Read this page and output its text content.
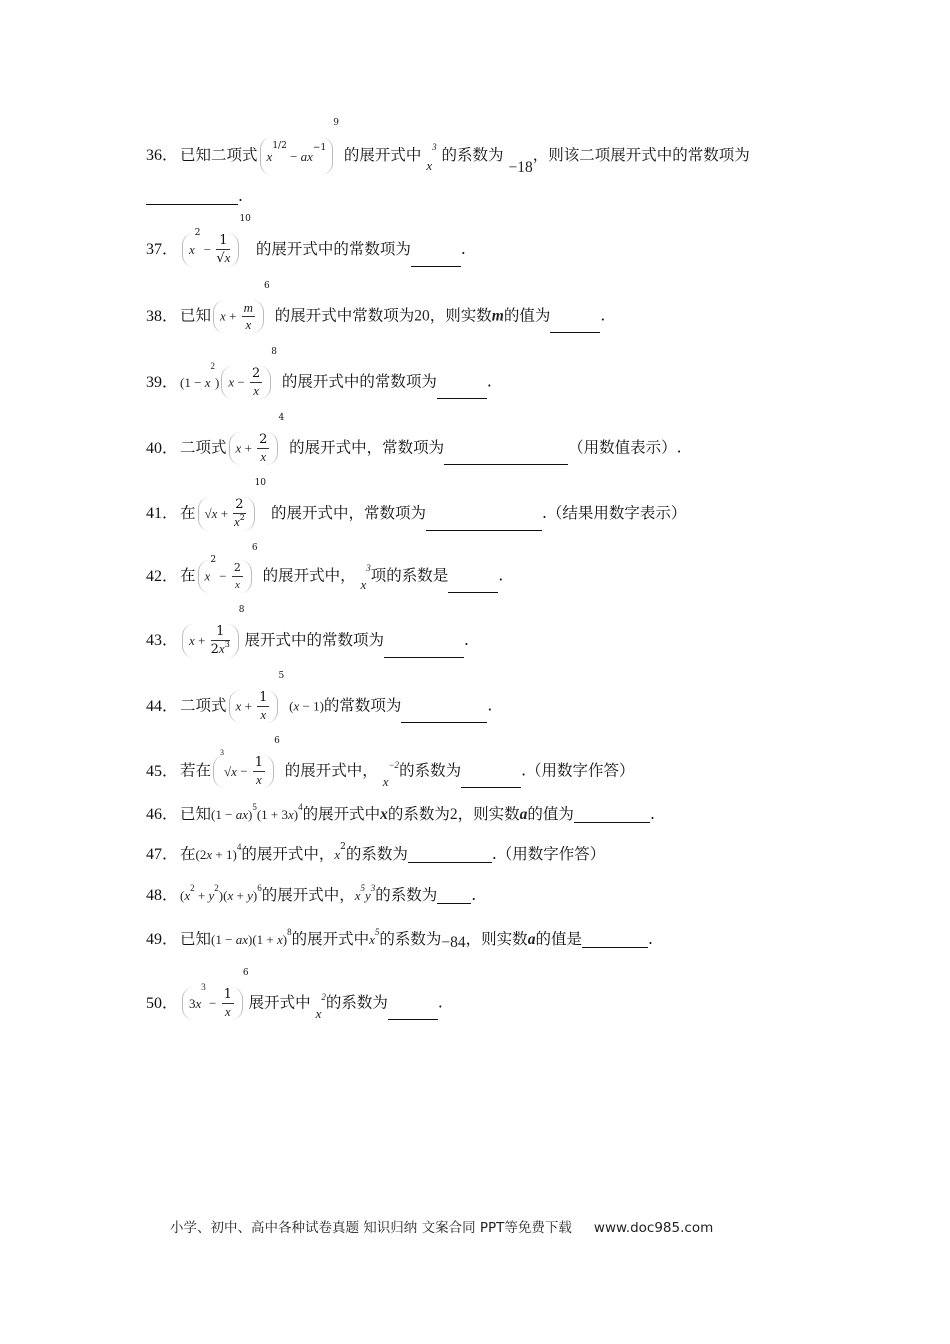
36． 已知二项式 $x^{1/2} - ax^{-19}$ 的展开式中 $_{x^3}$ 的系数为 −18，则该二项展开式中的常数项为
.
37． $x^2 - \frac{1}{√x}$
$^{10}$ 的展开式中的常数项为	.
38． 已知 $x + \frac{m}{x}$
$^6$ 的展开式中常数项为20，则实数m的值为	.
39． $(1 - x^2)$ $x - \frac{2}{x}$
$^8$ 的展开式中的常数项为	.
40． 二项式 $x + \frac{2}{x}$
$^4$ 的展开式中，常数项为	（用数值表示）.
41． 在 $√x + \frac{2}{x^2}$
$^{10}$ 的展开式中，常数项为	.（结果用数字表示）
42． 在 $x^2 - \frac{2}{x}$
$^6$ 的展开式中， $_{x^3}$项的系数是	.
43． $x + \frac{1}{2x^3}$
$^8$展开式中的常数项为	.
44． 二项式 $x + \frac{1}{x}$
$^5$ (x − 1)的常数项为	.
45． 若在$^3√x - \frac{1}{x}$
$^6$ 的展开式中， $_{x^{-2}}$的系数为	.（用数字作答）
46． 已知$(1 - ax)^5(1 + 3x)^4$的展开式中x的系数为2，则实数a的值为	.
47． 在$(2x + 1)^4$的展开式中，$x^2$的系数为	.（用数字作答）
48． $(x^2 + y^2)(x + y)^6$的展开式中，$x^5y^3$的系数为 .
49． 已知$(1 - ax)(1 + x)^8$的展开式中$x^5$的系数为−84，则实数a的值是	.
50． $3x^3 - \frac{1}{x}$
$^6$展开式中 $_{x^2}$的系数为	.
小学、初中、高中各种试卷真题 知识归纳 文案合同 PPT等免费下载 www.doc985.com
